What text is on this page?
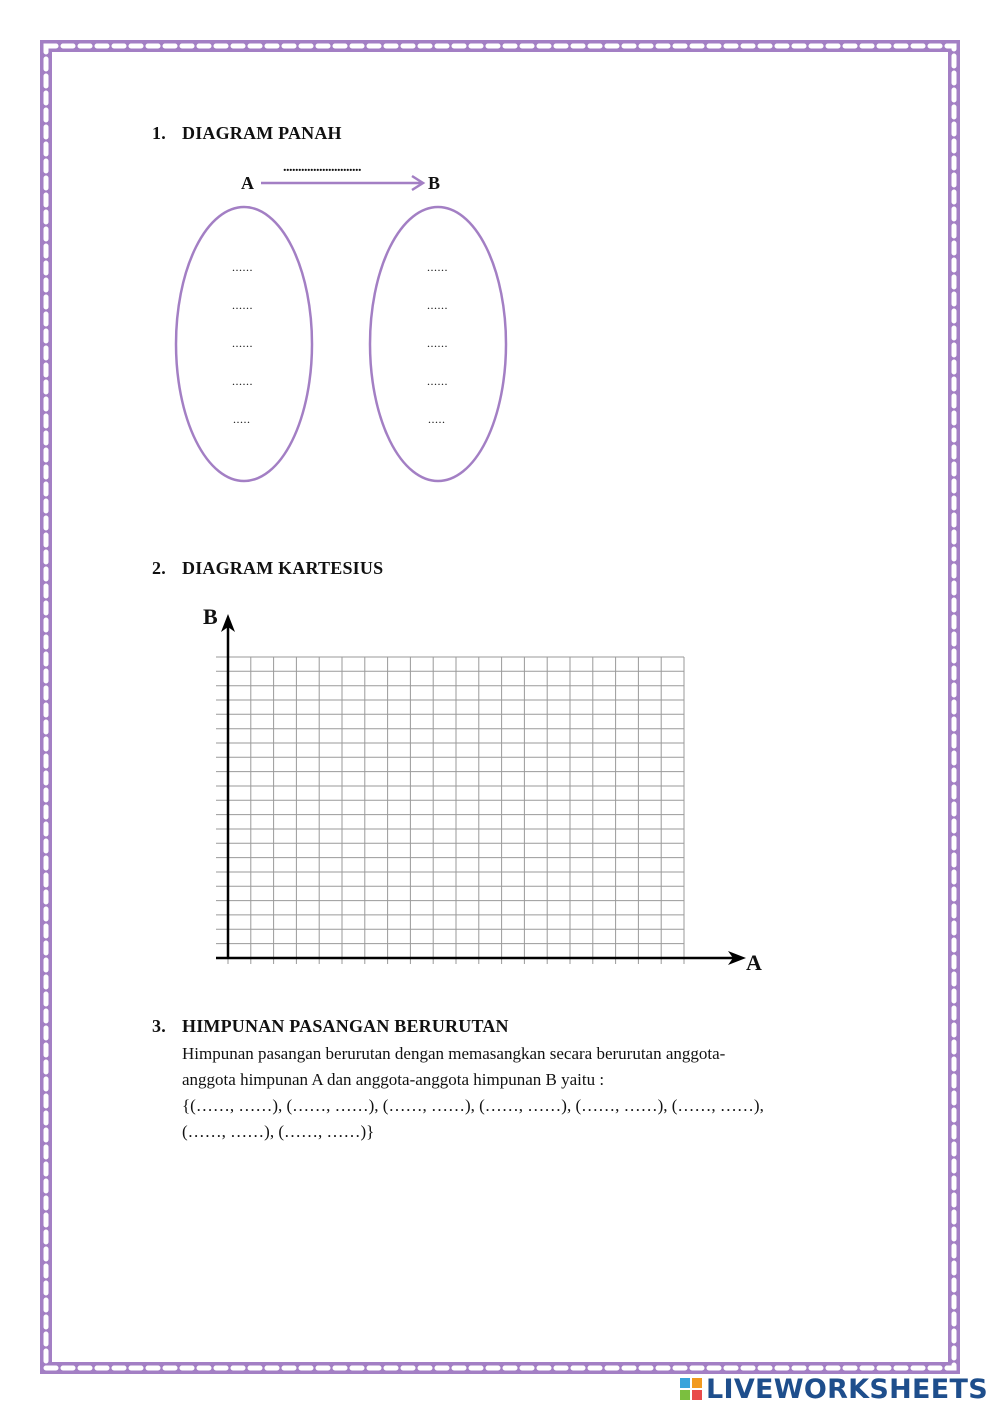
1. DIAGRAM PANAH
A	B
..........................
......
......
......
......
.....
......
......
......
......
.....
2. DIAGRAM KARTESIUS
B
A
3. HIMPUNAN PASANGAN BERURUTAN
Himpunan pasangan berurutan dengan memasangkan secara berurutan anggota-
anggota himpunan A dan anggota-anggota himpunan B yaitu :
{(……, ……), (……, ……), (……, ……), (……, ……), (……, ……), (……, ……),
(……, ……), (……, ……)}
LIVEWORKSHEETS
